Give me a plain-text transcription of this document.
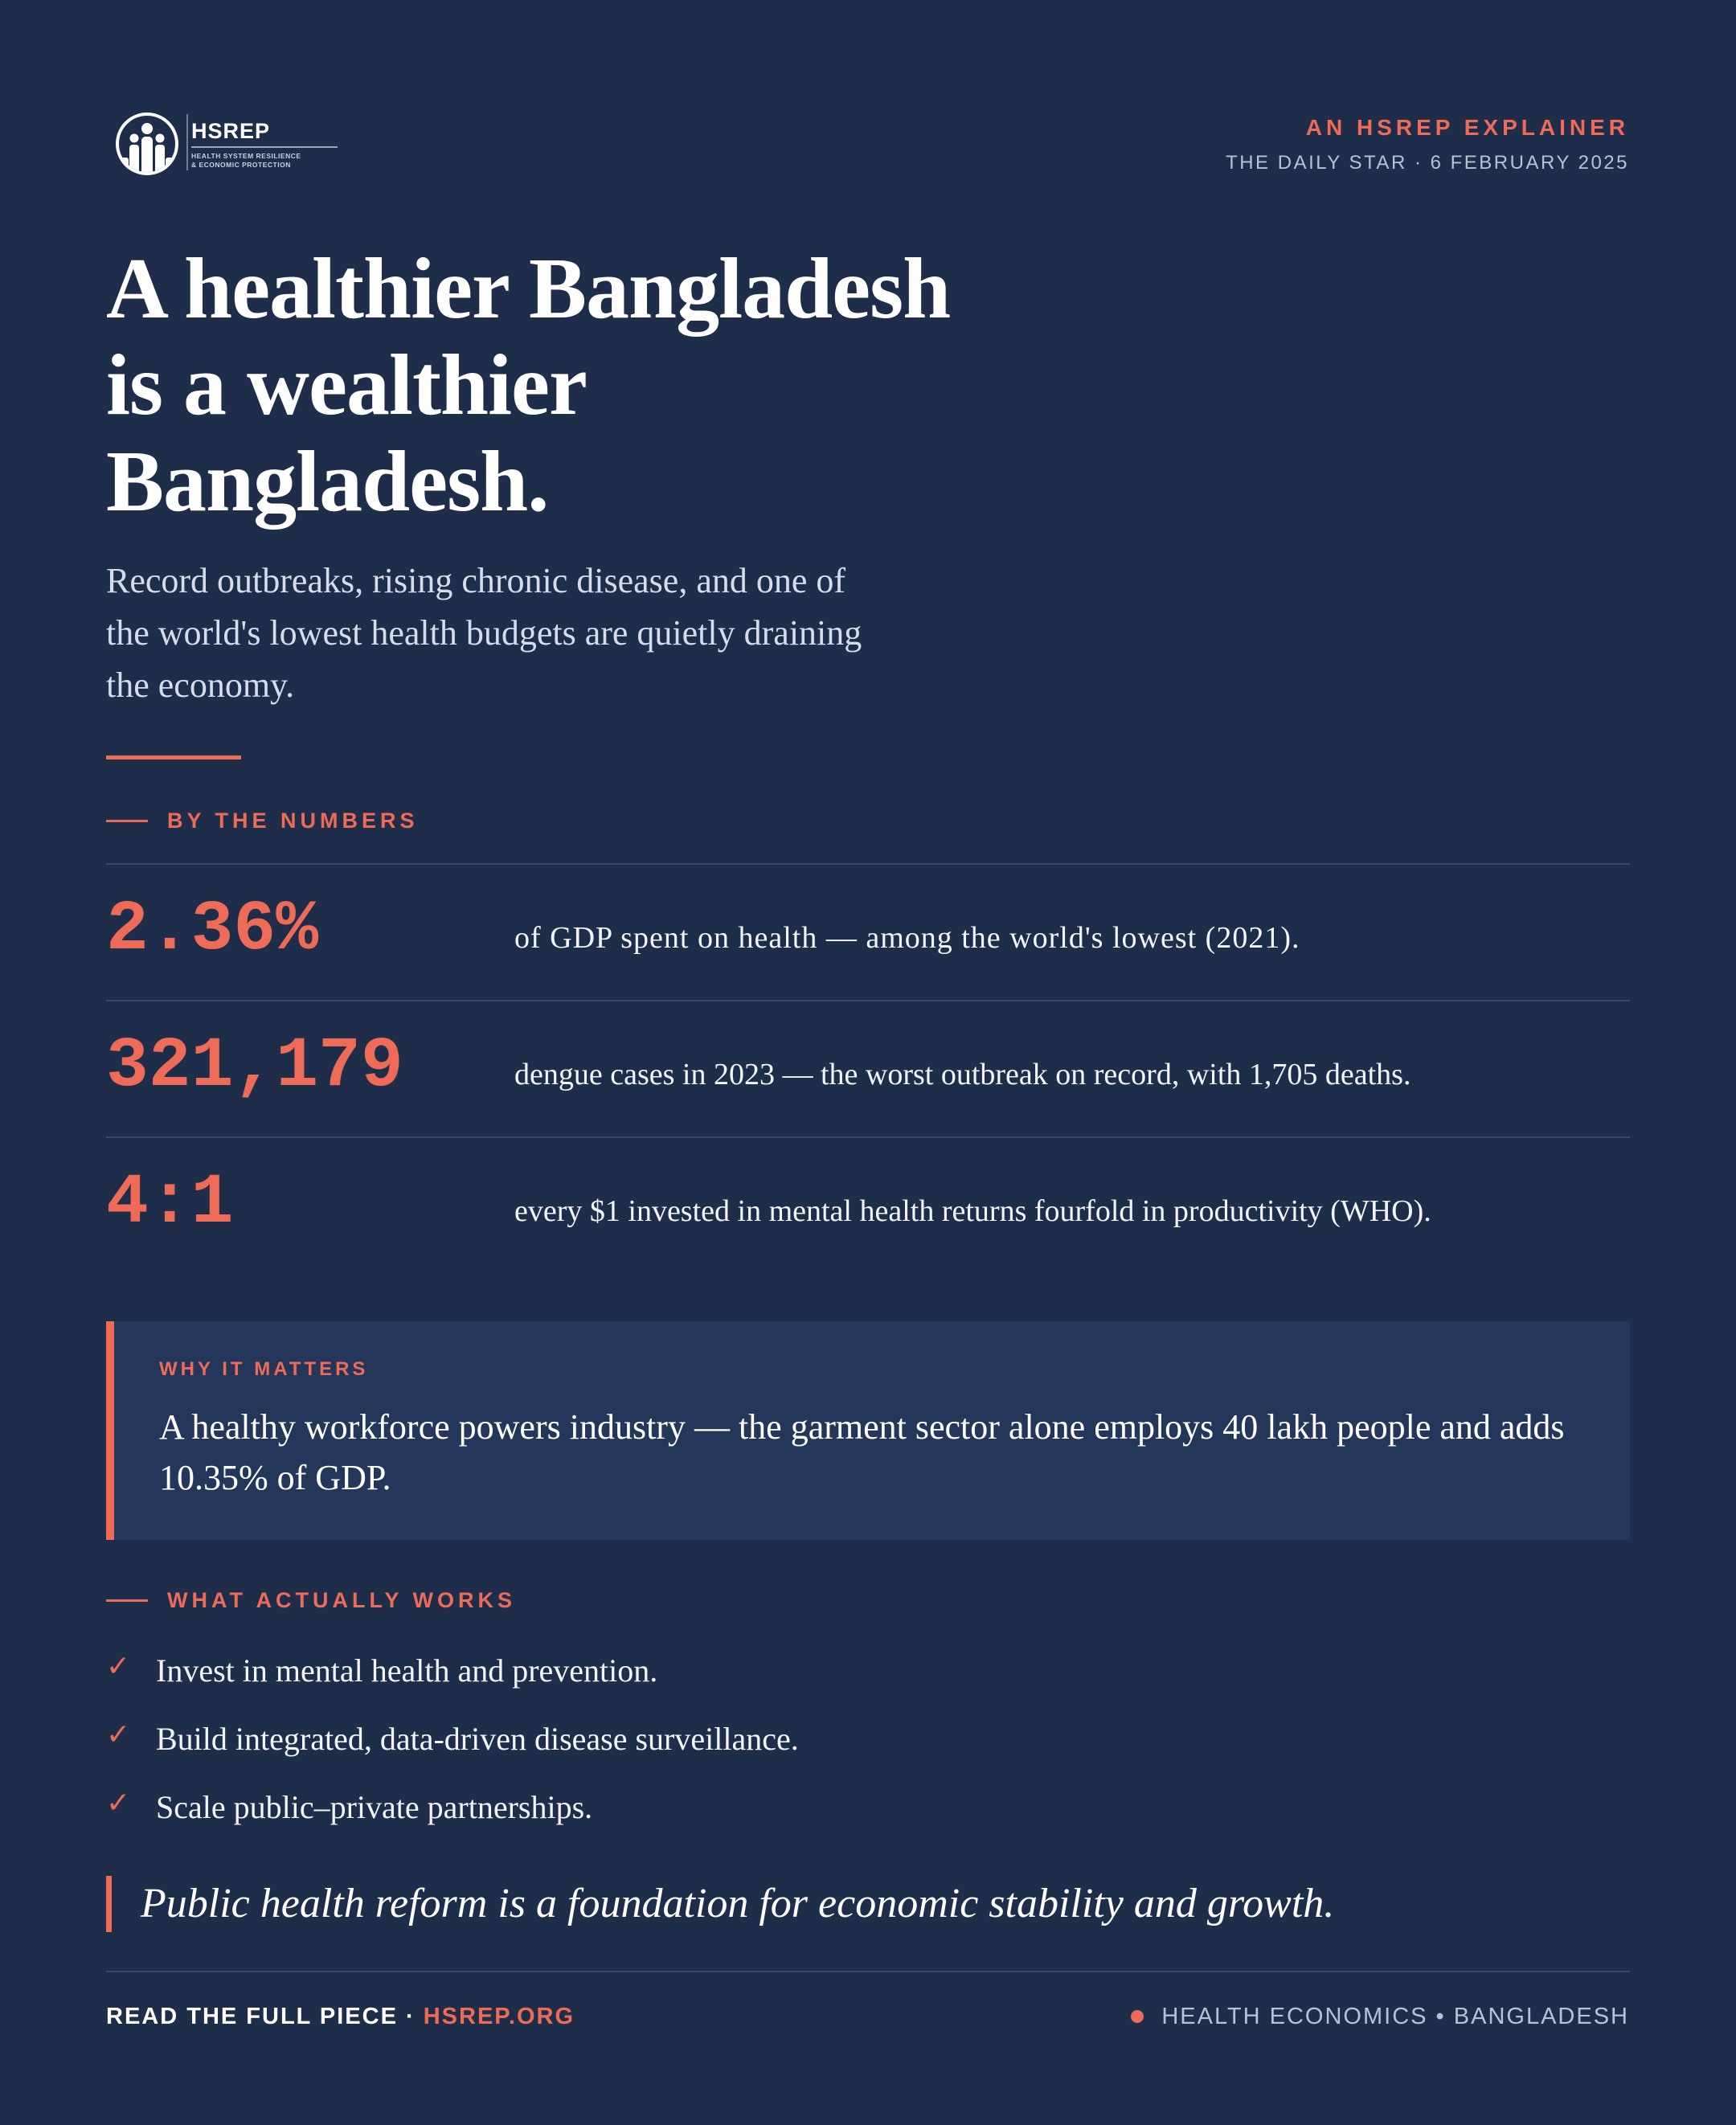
HSREP
HEALTH SYSTEM RESILIENCE
& ECONOMIC PROTECTION
AN HSREP EXPLAINER
THE DAILY STAR · 6 FEBRUARY 2025
A healthier Bangladesh
is a wealthier
Bangladesh.
Record outbreaks, rising chronic disease, and one of
the world's lowest health budgets are quietly draining
the economy.
BY THE NUMBERS
2.36%	of GDP spent on health — among the world's lowest (2021).
321,179	dengue cases in 2023 — the worst outbreak on record, with 1,705 deaths.
4:1	every $1 invested in mental health returns fourfold in productivity (WHO).
WHY IT MATTERS
A healthy workforce powers industry — the garment sector alone employs 40 lakh people and adds 10.35% of GDP.
WHAT ACTUALLY WORKS
✓ Invest in mental health and prevention.
✓ Build integrated, data-driven disease surveillance.
✓ Scale public–private partnerships.
Public health reform is a foundation for economic stability and growth.
READ THE FULL PIECE · HSREP.ORG	HEALTH ECONOMICS • BANGLADESH
